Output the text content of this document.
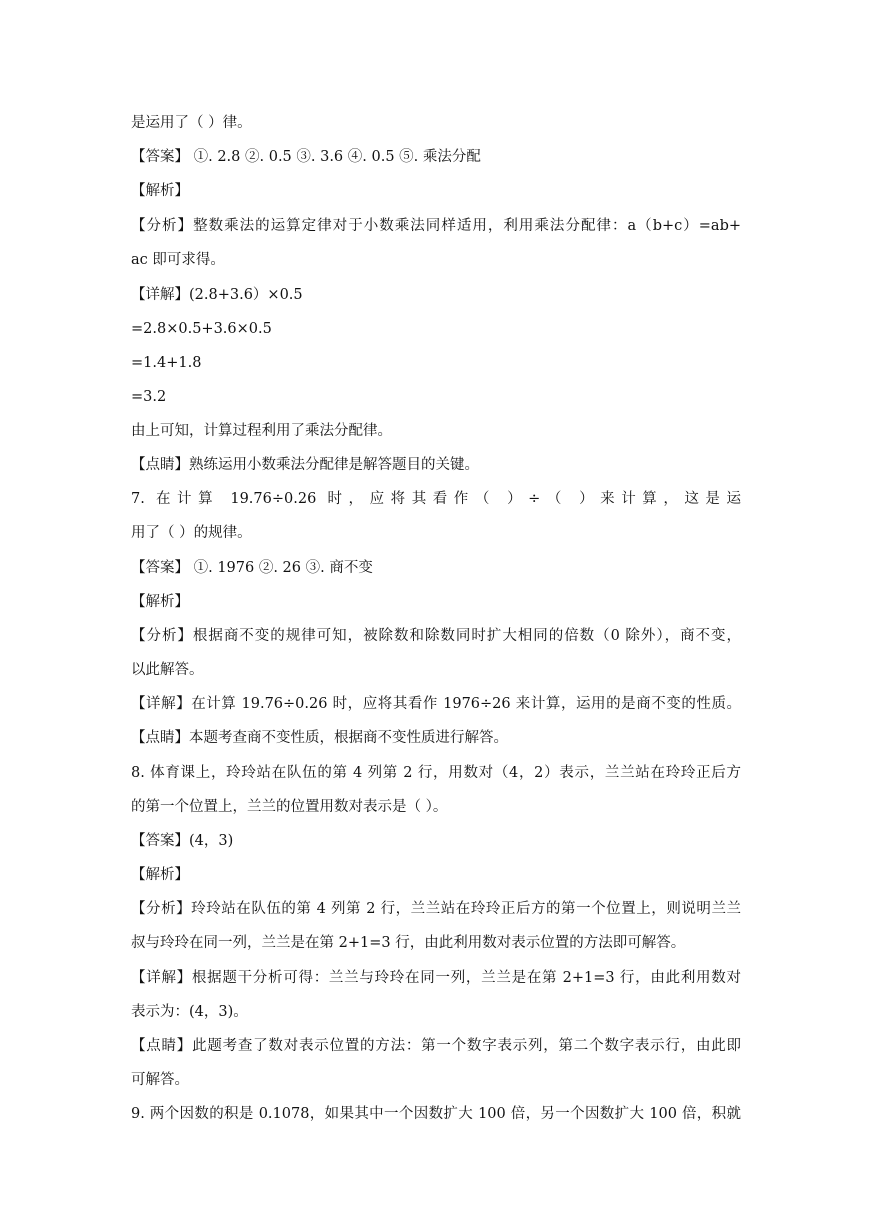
是运用了（ ）律。
【答案】 ①. 2.8 ②. 0.5 ③. 3.6 ④. 0.5 ⑤. 乘法分配
【解析】
【分析】整数乘法的运算定律对于小数乘法同样适用，利用乘法分配律：a（b+c）=ab+
ac 即可求得。
【详解】(2.8+3.6）×0.5
=2.8×0.5+3.6×0.5
=1.4+1.8
=3.2
由上可知，计算过程利用了乘法分配律。
【点睛】熟练运用小数乘法分配律是解答题目的关键。
7. 在计算 19.76÷0.26 时，应将其看作（ ）÷（ ）来计算，这是运
用了（ ）的规律。
【答案】 ①. 1976 ②. 26 ③. 商不变
【解析】
【分析】根据商不变的规律可知，被除数和除数同时扩大相同的倍数（0 除外），商不变，
以此解答。
【详解】在计算 19.76÷0.26 时，应将其看作 1976÷26 来计算，运用的是商不变的性质。
【点睛】本题考查商不变性质，根据商不变性质进行解答。
8. 体育课上，玲玲站在队伍的第 4 列第 2 行，用数对（4，2）表示，兰兰站在玲玲正后方
的第一个位置上，兰兰的位置用数对表示是（ ）。
【答案】(4，3)
【解析】
【分析】玲玲站在队伍的第 4 列第 2 行，兰兰站在玲玲正后方的第一个位置上，则说明兰兰
叔与玲玲在同一列，兰兰是在第 2+1=3 行，由此利用数对表示位置的方法即可解答。
【详解】根据题干分析可得：兰兰与玲玲在同一列，兰兰是在第 2+1=3 行，由此利用数对
表示为：(4，3)。
【点睛】此题考查了数对表示位置的方法：第一个数字表示列，第二个数字表示行，由此即
可解答。
9. 两个因数的积是 0.1078，如果其中一个因数扩大 100 倍，另一个因数扩大 100 倍，积就
